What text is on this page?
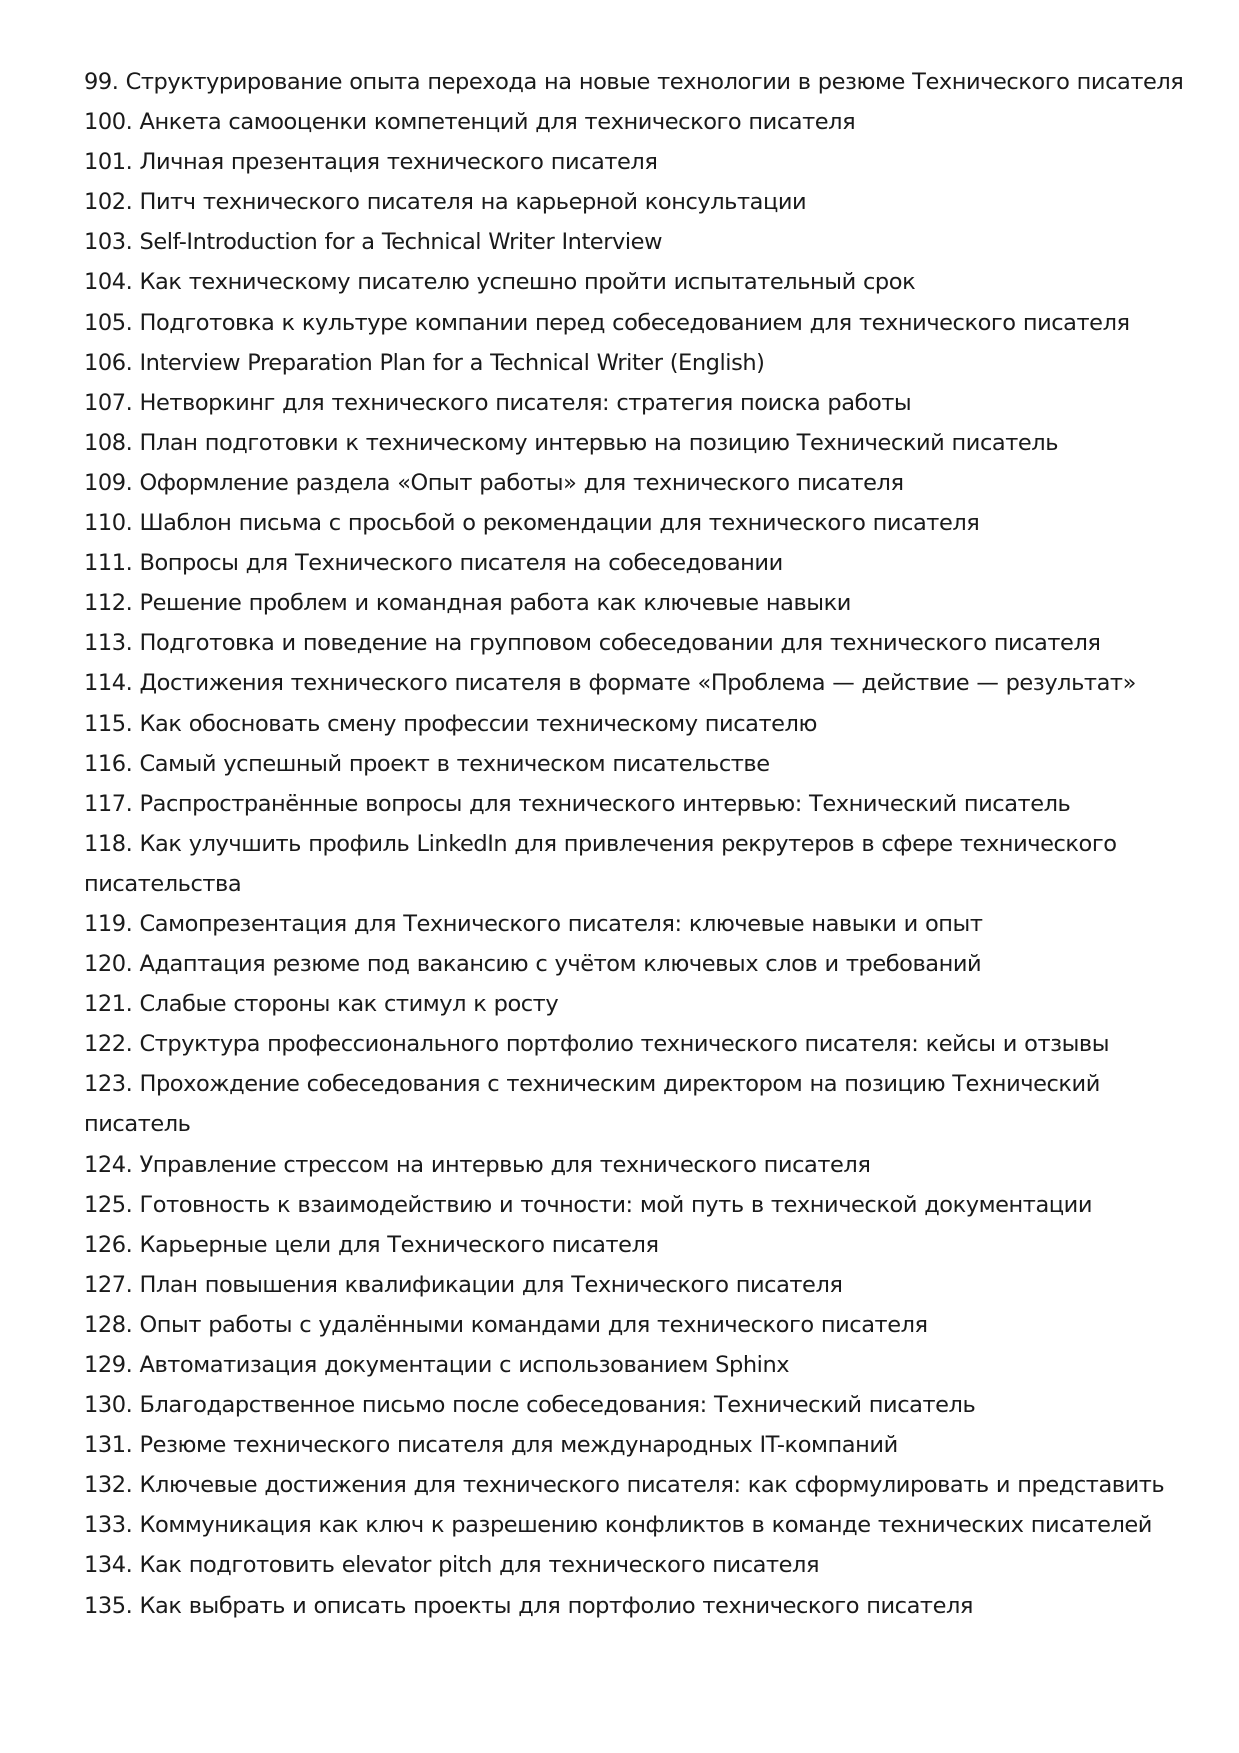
99. Структурирование опыта перехода на новые технологии в резюме Технического писателя

100. Анкета самооценки компетенций для технического писателя

101. Личная презентация технического писателя

102. Питч технического писателя на карьерной консультации

103. Self-Introduction for a Technical Writer Interview

104. Как техническому писателю успешно пройти испытательный срок

105. Подготовка к культуре компании перед собеседованием для технического писателя

106. Interview Preparation Plan for a Technical Writer (English)

107. Нетворкинг для технического писателя: стратегия поиска работы

108. План подготовки к техническому интервью на позицию Технический писатель

109. Оформление раздела «Опыт работы» для технического писателя

110. Шаблон письма с просьбой о рекомендации для технического писателя

111. Вопросы для Технического писателя на собеседовании

112. Решение проблем и командная работа как ключевые навыки

113. Подготовка и поведение на групповом собеседовании для технического писателя

114. Достижения технического писателя в формате «Проблема — действие — результат»

115. Как обосновать смену профессии техническому писателю

116. Самый успешный проект в техническом писательстве

117. Распространённые вопросы для технического интервью: Технический писатель

118. Как улучшить профиль LinkedIn для привлечения рекрутеров в сфере технического писательства

119. Самопрезентация для Технического писателя: ключевые навыки и опыт

120. Адаптация резюме под вакансию с учётом ключевых слов и требований

121. Слабые стороны как стимул к росту

122. Структура профессионального портфолио технического писателя: кейсы и отзывы

123. Прохождение собеседования с техническим директором на позицию Технический писатель

124. Управление стрессом на интервью для технического писателя

125. Готовность к взаимодействию и точности: мой путь в технической документации

126. Карьерные цели для Технического писателя

127. План повышения квалификации для Технического писателя

128. Опыт работы с удалёнными командами для технического писателя

129. Автоматизация документации с использованием Sphinx

130. Благодарственное письмо после собеседования: Технический писатель

131. Резюме технического писателя для международных IT-компаний

132. Ключевые достижения для технического писателя: как сформулировать и представить

133. Коммуникация как ключ к разрешению конфликтов в команде технических писателей

134. Как подготовить elevator pitch для технического писателя

135. Как выбрать и описать проекты для портфолио технического писателя
